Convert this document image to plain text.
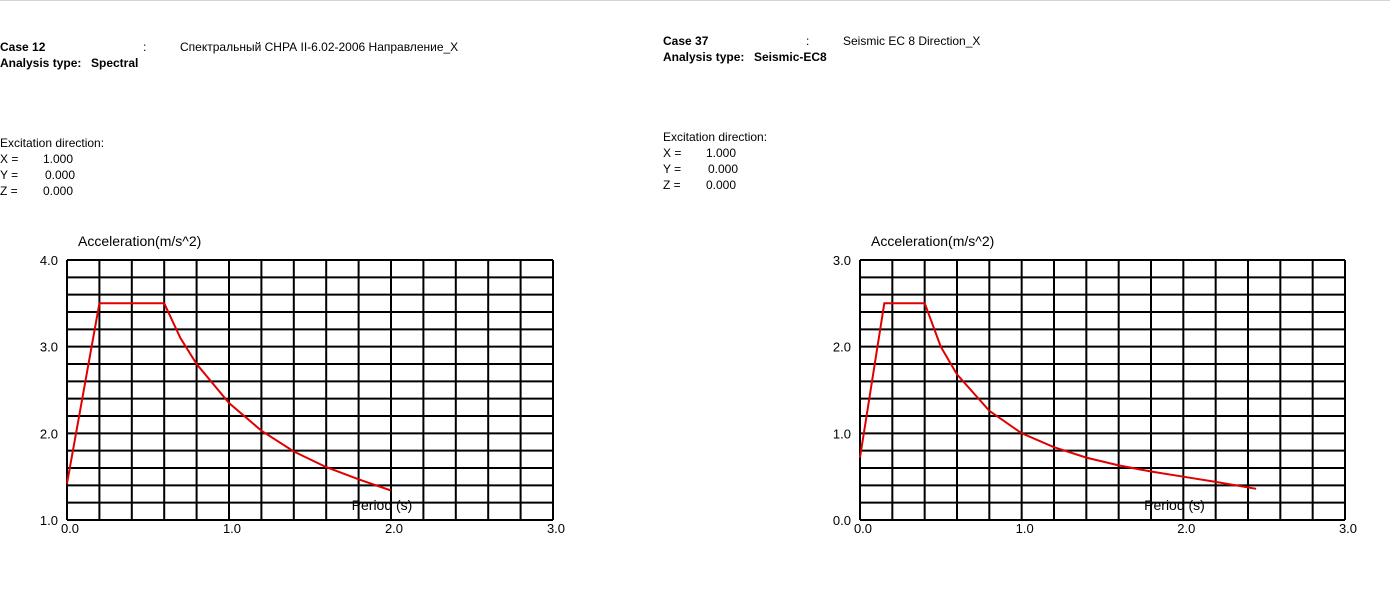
Case 12	:	Спектральный СНРА II-6.02-2006 Направление_X
Analysis type: Spectral
Excitation direction:
X = 1.000
Y = 0.000
Z = 0.000
Case 37	:	Seismic EC 8 Direction_X
Analysis type: Seismic-EC8
Excitation direction:
X = 1.000
Y = 0.000
Z = 0.000
1.0
2.0
3.0
4.0
0.0	1.0	2.0	3.0
Acceleration(m/s^2)
Period (s)
0.0
1.0
2.0
3.0
0.0	1.0	2.0	3.0
Acceleration(m/s^2)
Period (s)
